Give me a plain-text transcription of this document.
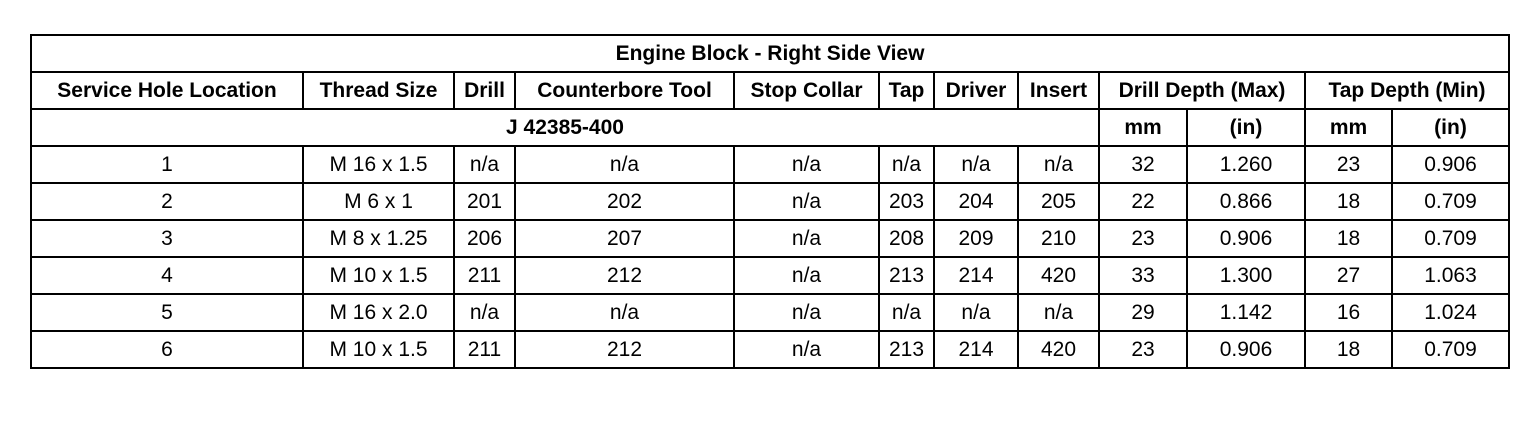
Engine Block - Right Side View											
Service Hole Location	Thread Size	Drill	Counterbore Tool	Stop Collar	Tap	Driver	Insert	Drill Depth (Max)		Tap Depth (Min)	
J 42385-400								mm	(in)	mm	(in)
1	M 16 x 1.5	n/a	n/a	n/a	n/a	n/a	n/a	32	1.260	23	0.906
2	M 6 x 1	201	202	n/a	203	204	205	22	0.866	18	0.709
3	M 8 x 1.25	206	207	n/a	208	209	210	23	0.906	18	0.709
4	M 10 x 1.5	211	212	n/a	213	214	420	33	1.300	27	1.063
5	M 16 x 2.0	n/a	n/a	n/a	n/a	n/a	n/a	29	1.142	16	1.024
6	M 10 x 1.5	211	212	n/a	213	214	420	23	0.906	18	0.709
